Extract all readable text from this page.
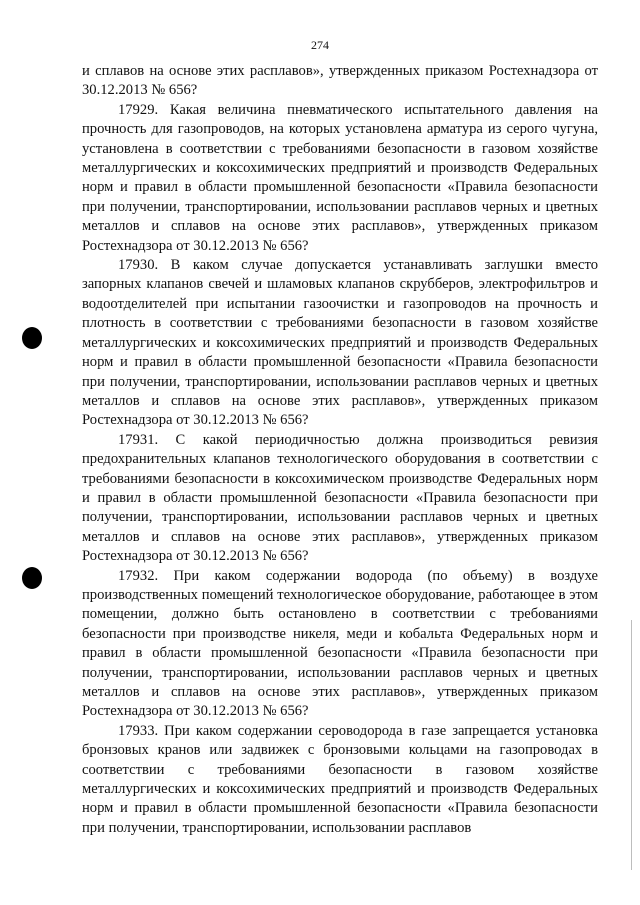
274

и сплавов на основе этих расплавов», утвержденных приказом Ростехнадзора от 30.12.2013 № 656?

17929. Какая величина пневматического испытательного давления на прочность для газопроводов, на которых установлена арматура из серого чугуна, установлена в соответствии с требованиями безопасности в газовом хозяйстве металлургических и коксохимических предприятий и производств Федеральных норм и правил в области промышленной безопасности «Правила безопасности при получении, транспортировании, использовании расплавов черных и цветных металлов и сплавов на основе этих расплавов», утвержденных приказом Ростехнадзора от 30.12.2013 № 656?

17930. В каком случае допускается устанавливать заглушки вместо запорных клапанов свечей и шламовых клапанов скрубберов, электрофильтров и водоотделителей при испытании газоочистки и газопроводов на прочность и плотность в соответствии с требованиями безопасности в газовом хозяйстве металлургических и коксохимических предприятий и производств Федеральных норм и правил в области промышленной безопасности «Правила безопасности при получении, транспортировании, использовании расплавов черных и цветных металлов и сплавов на основе этих расплавов», утвержденных приказом Ростехнадзора от 30.12.2013 № 656?

17931. С какой периодичностью должна производиться ревизия предохранительных клапанов технологического оборудования в соответствии с требованиями безопасности в коксохимическом производстве Федеральных норм и правил в области промышленной безопасности «Правила безопасности при получении, транспортировании, использовании расплавов черных и цветных металлов и сплавов на основе этих расплавов», утвержденных приказом Ростехнадзора от 30.12.2013 № 656?

17932. При каком содержании водорода (по объему) в воздухе производственных помещений технологическое оборудование, работающее в этом помещении, должно быть остановлено в соответствии с требованиями безопасности при производстве никеля, меди и кобальта Федеральных норм и правил в области промышленной безопасности «Правила безопасности при получении, транспортировании, использовании расплавов черных и цветных металлов и сплавов на основе этих расплавов», утвержденных приказом Ростехнадзора от 30.12.2013 № 656?

17933. При каком содержании сероводорода в газе запрещается установка бронзовых кранов или задвижек с бронзовыми кольцами на газопроводах в соответствии с требованиями безопасности в газовом хозяйстве металлургических и коксохимических предприятий и производств Федеральных норм и правил в области промышленной безопасности «Правила безопасности при получении, транспортировании, использовании расплавов
